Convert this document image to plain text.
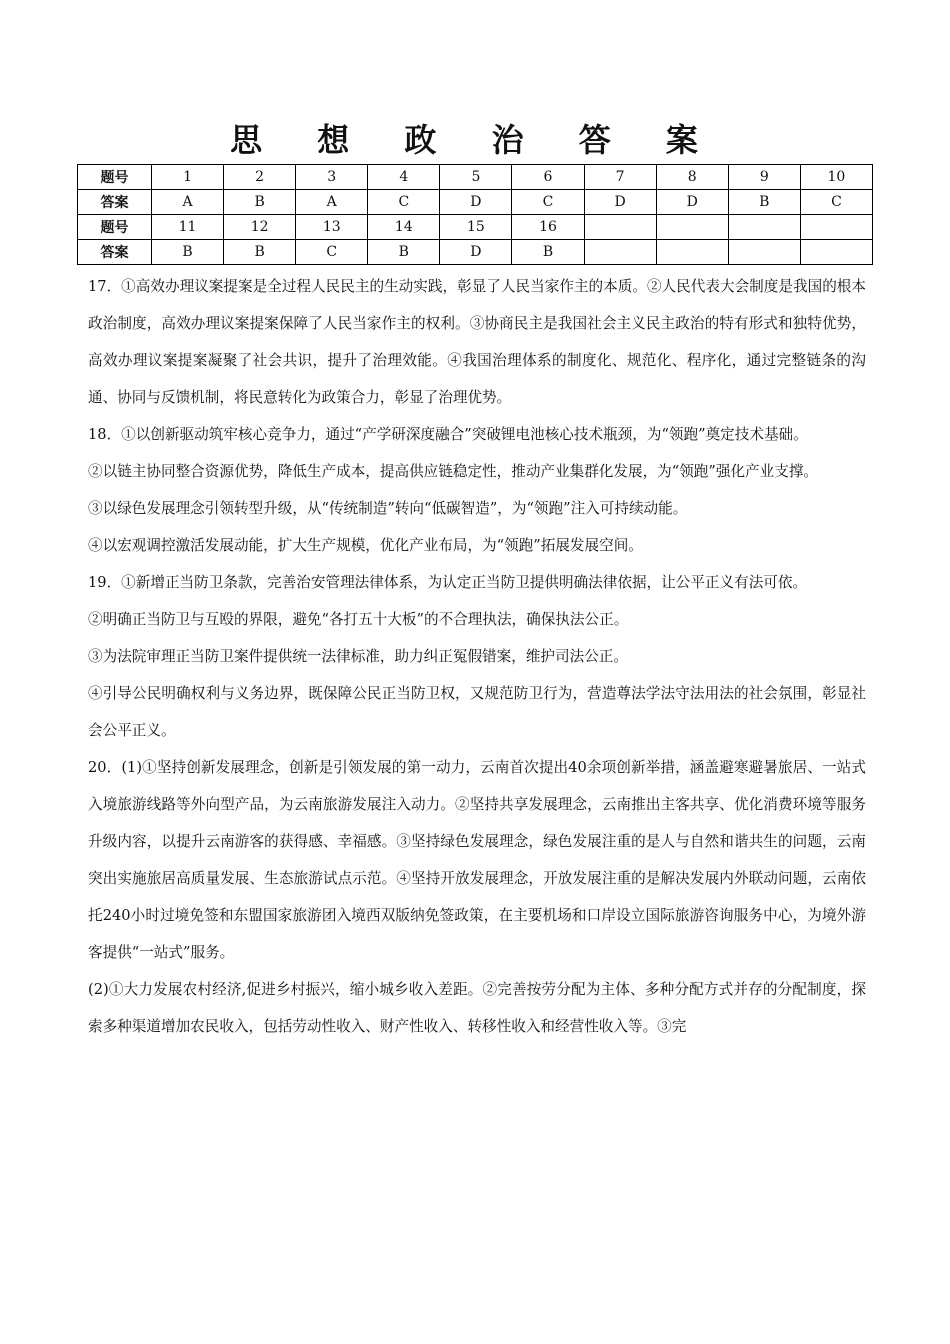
思 想 政 治 答 案
题号	1	2	3	4	5	6	7	8	9	10
答案	A	B	A	C	D	C	D	D	B	C
题号	11	12	13	14	15	16				
答案	B	B	C	B	D	B				

17．①高效办理议案提案是全过程人民民主的生动实践，彰显了人民当家作主的本质。②人民代表大会制度是我国的根本政治制度，高效办理议案提案保障了人民当家作主的权利。③协商民主是我国社会主义民主政治的特有形式和独特优势，高效办理议案提案凝聚了社会共识，提升了治理效能。④我国治理体系的制度化、规范化、程序化，通过完整链条的沟通、协同与反馈机制，将民意转化为政策合力，彰显了治理优势。

18．①以创新驱动筑牢核心竞争力，通过“产学研深度融合”突破锂电池核心技术瓶颈，为“领跑”奠定技术基础。

②以链主协同整合资源优势，降低生产成本，提高供应链稳定性，推动产业集群化发展，为“领跑”强化产业支撑。

③以绿色发展理念引领转型升级，从“传统制造”转向“低碳智造”，为“领跑”注入可持续动能。

④以宏观调控激活发展动能，扩大生产规模，优化产业布局，为“领跑”拓展发展空间。

19．①新增正当防卫条款，完善治安管理法律体系，为认定正当防卫提供明确法律依据，让公平正义有法可依。

②明确正当防卫与互殴的界限，避免“各打五十大板”的不合理执法，确保执法公正。

③为法院审理正当防卫案件提供统一法律标准，助力纠正冤假错案，维护司法公正。

④引导公民明确权利与义务边界，既保障公民正当防卫权，又规范防卫行为，营造尊法学法守法用法的社会氛围，彰显社会公平正义。

20．(1)①坚持创新发展理念，创新是引领发展的第一动力，云南首次提出40余项创新举措，涵盖避寒避暑旅居、一站式入境旅游线路等外向型产品，为云南旅游发展注入动力。②坚持共享发展理念，云南推出主客共享、优化消费环境等服务升级内容，以提升云南游客的获得感、幸福感。③坚持绿色发展理念，绿色发展注重的是人与自然和谐共生的问题，云南突出实施旅居高质量发展、生态旅游试点示范。④坚持开放发展理念，开放发展注重的是解决发展内外联动问题，云南依托240小时过境免签和东盟国家旅游团入境西双版纳免签政策，在主要机场和口岸设立国际旅游咨询服务中心，为境外游客提供“一站式”服务。

(2)①大力发展农村经济,促进乡村振兴，缩小城乡收入差距。②完善按劳分配为主体、多种分配方式并存的分配制度，探索多种渠道增加农民收入，包括劳动性收入、财产性收入、转移性收入和经营性收入等。③完
